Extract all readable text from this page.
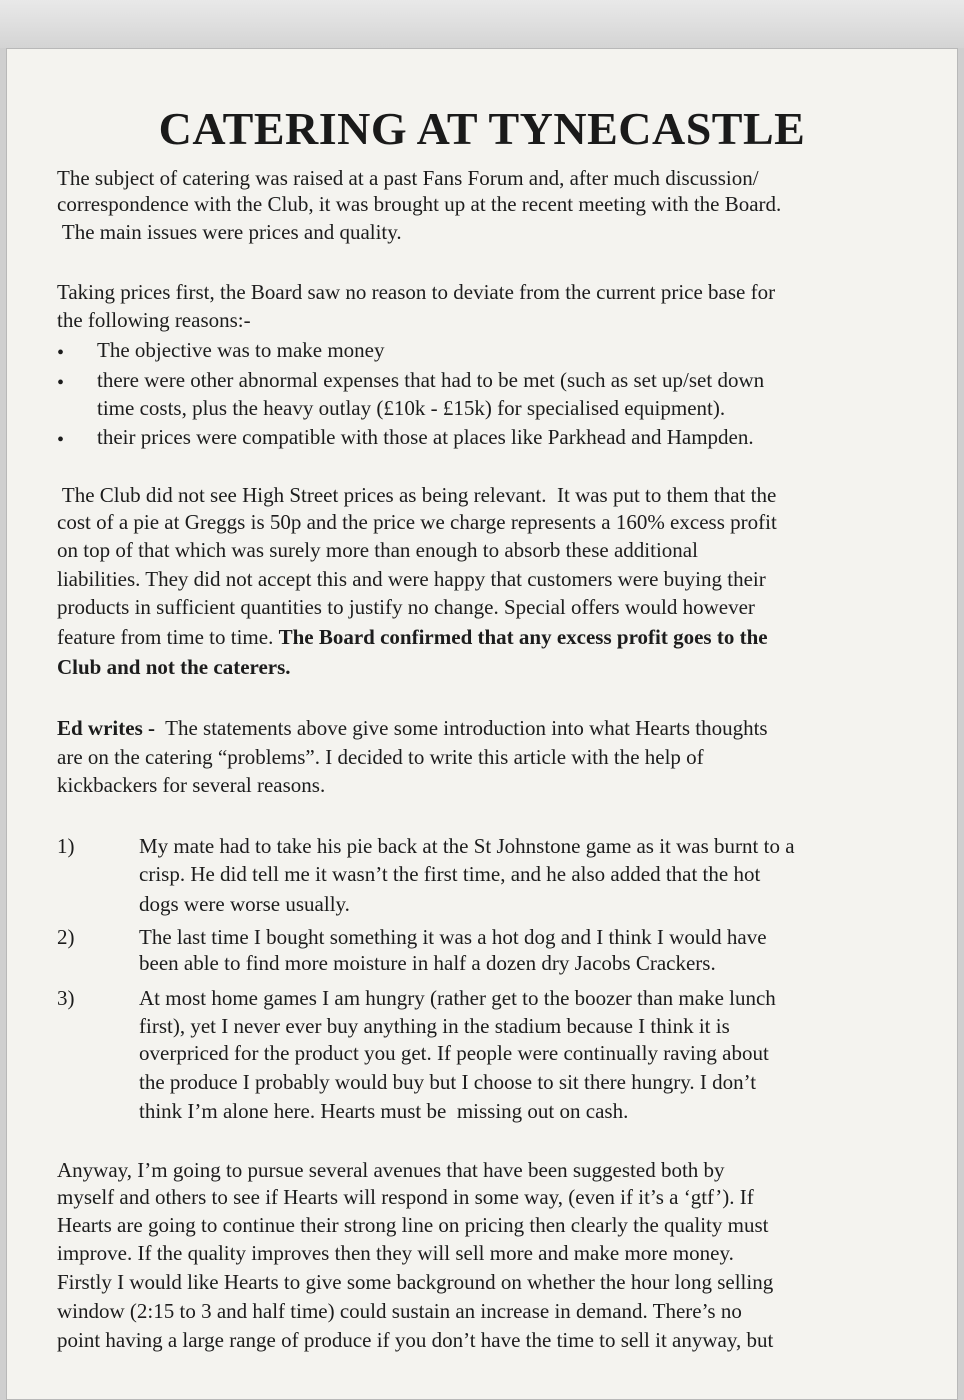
CATERING AT TYNECASTLE
The subject of catering was raised at a past Fans Forum and, after much discussion/
correspondence with the Club, it was brought up at the recent meeting with the Board.
The main issues were prices and quality.
Taking prices first, the Board saw no reason to deviate from the current price base for
the following reasons:-
• The objective was to make money
• there were other abnormal expenses that had to be met (such as set up/set down
time costs, plus the heavy outlay (£10k - £15k) for specialised equipment).
• their prices were compatible with those at places like Parkhead and Hampden.
The Club did not see High Street prices as being relevant.  It was put to them that the
cost of a pie at Greggs is 50p and the price we charge represents a 160% excess profit
on top of that which was surely more than enough to absorb these additional
liabilities. They did not accept this and were happy that customers were buying their
products in sufficient quantities to justify no change. Special offers would however
feature from time to time. The Board confirmed that any excess profit goes to the
Club and not the caterers.
Ed writes -  The statements above give some introduction into what Hearts thoughts
are on the catering “problems”. I decided to write this article with the help of
kickbackers for several reasons.
1)	My mate had to take his pie back at the St Johnstone game as it was burnt to a
crisp. He did tell me it wasn’t the first time, and he also added that the hot
dogs were worse usually.
2)	The last time I bought something it was a hot dog and I think I would have
been able to find more moisture in half a dozen dry Jacobs Crackers.
3)	At most home games I am hungry (rather get to the boozer than make lunch
first), yet I never ever buy anything in the stadium because I think it is
overpriced for the product you get. If people were continually raving about
the produce I probably would buy but I choose to sit there hungry. I don’t
think I’m alone here. Hearts must be  missing out on cash.
Anyway, I’m going to pursue several avenues that have been suggested both by
myself and others to see if Hearts will respond in some way, (even if it’s a ‘gtf’). If
Hearts are going to continue their strong line on pricing then clearly the quality must
improve. If the quality improves then they will sell more and make more money.
Firstly I would like Hearts to give some background on whether the hour long selling
window (2:15 to 3 and half time) could sustain an increase in demand. There’s no
point having a large range of produce if you don’t have the time to sell it anyway, but
